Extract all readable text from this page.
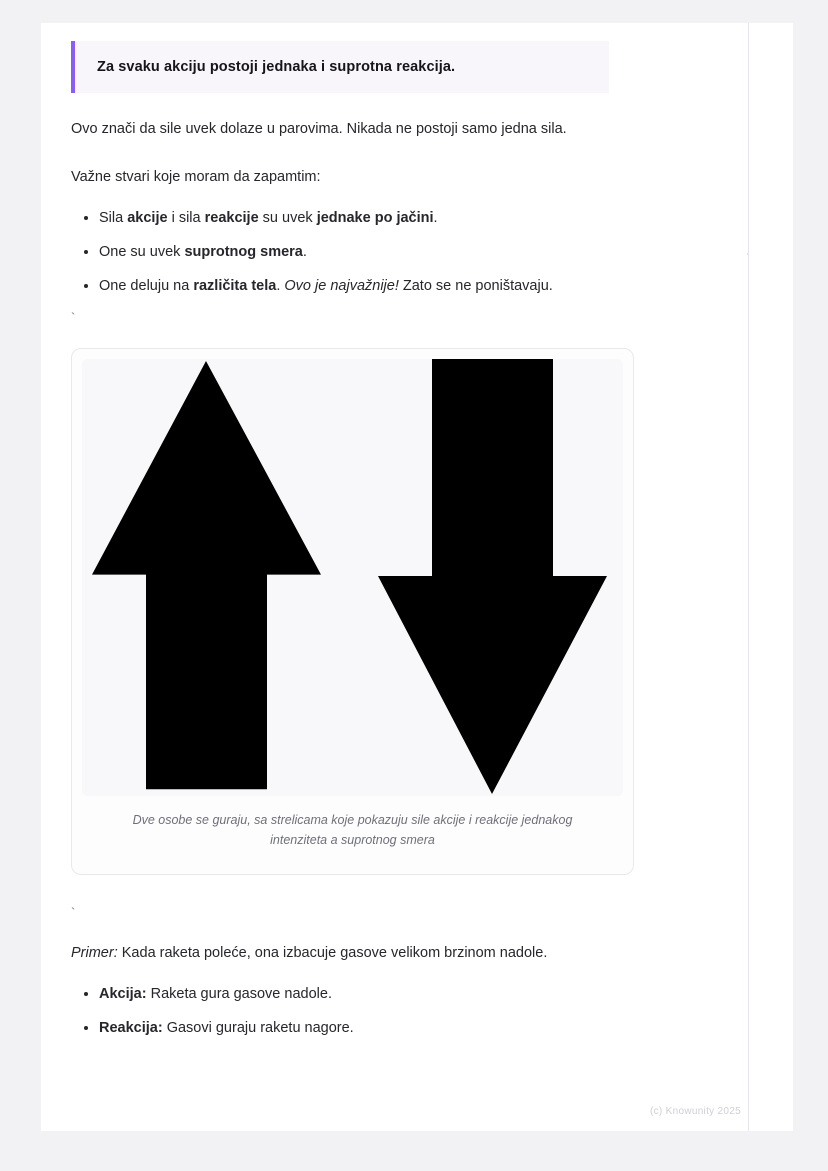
Za svaku akciju postoji jednaka i suprotna reakcija.

Ovo znači da sile uvek dolaze u parovima. Nikada ne postoji samo jedna sila.

Važne stvari koje moram da zapamtim:

• Sila akcije i sila reakcije su uvek jednake po jačini.
• One su uvek suprotnog smera.
• One deluju na različita tela. Ovo je najvažnije! Zato se ne poništavaju.

`

Dve osobe se guraju, sa strelicama koje pokazuju sile akcije i reakcije jednakog intenziteta a suprotnog smera

`

Primer: Kada raketa poleće, ona izbacuje gasove velikom brzinom nadole.

• Akcija: Raketa gura gasove nadole.
• Reakcija: Gasovi guraju raketu nagore.
(c) Knowunity 2025
